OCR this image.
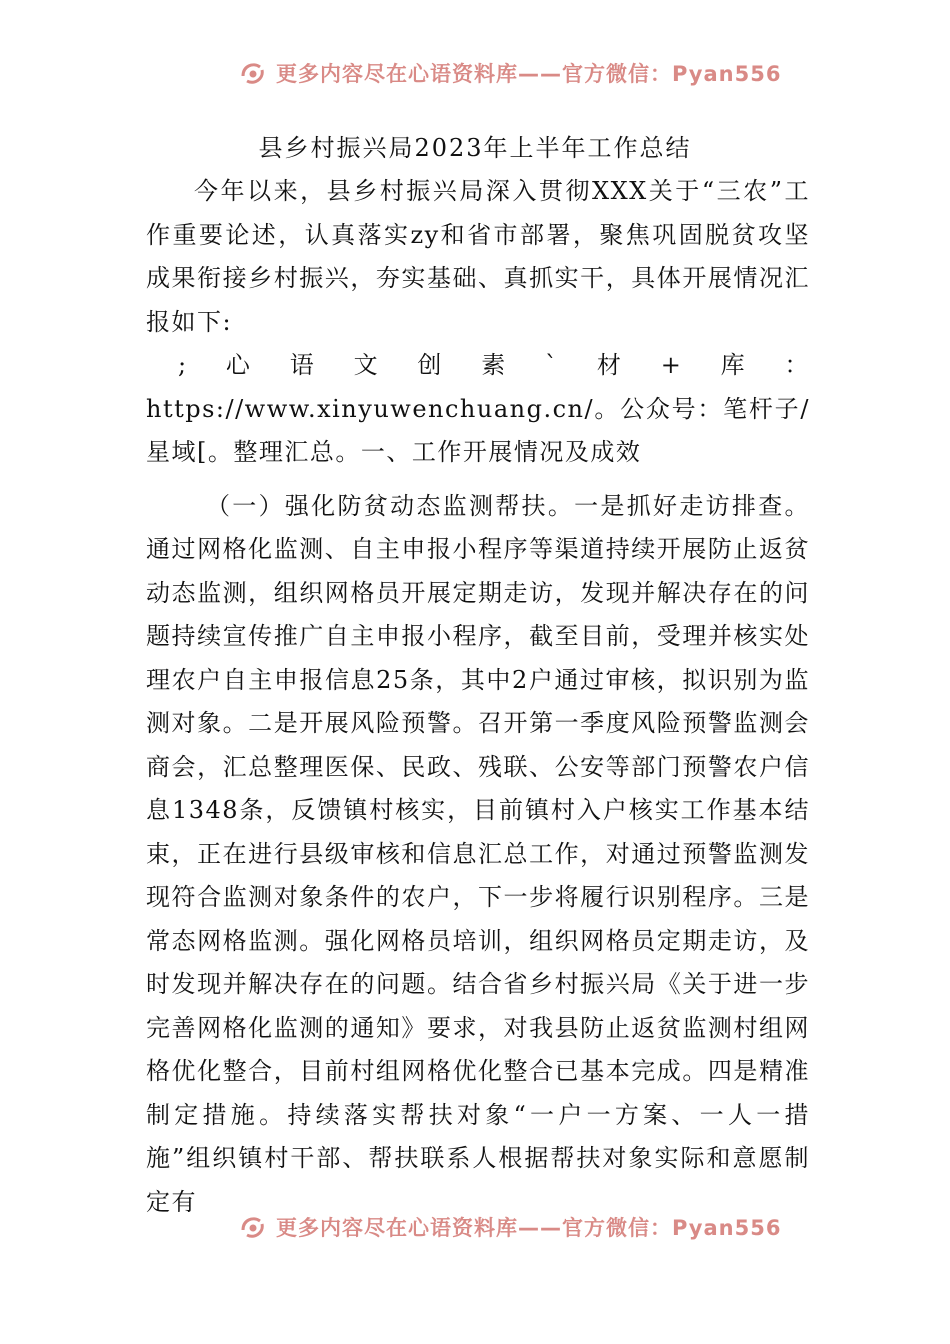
更多内容尽在心语资料库——官方微信：Pyan556
县乡村振兴局2023年上半年工作总结

今年以来，县乡村振兴局深入贯彻XXX关于“三农”工作重要论述，认真落实zy和省市部署，聚焦巩固脱贫攻坚成果衔接乡村振兴，夯实基础、真抓实干，具体开展情况汇报如下:

;心语文创素`材+库：https://www.xinyuwenchuang.cn/。公众号：笔杆子/星域[。整理汇总。一、工作开展情况及成效

（一）强化防贫动态监测帮扶。一是抓好走访排查。通过网格化监测、自主申报小程序等渠道持续开展防止返贫动态监测，组织网格员开展定期走访，发现并解决存在的问题持续宣传推广自主申报小程序，截至目前，受理并核实处理农户自主申报信息25条，其中2户通过审核，拟识别为监测对象。二是开展风险预警。召开第一季度风险预警监测会商会，汇总整理医保、民政、残联、公安等部门预警农户信息1348条，反馈镇村核实，目前镇村入户核实工作基本结束，正在进行县级审核和信息汇总工作，对通过预警监测发现符合监测对象条件的农户，下一步将履行识别程序。三是常态网格监测。强化网格员培训，组织网格员定期走访，及时发现并解决存在的问题。结合省乡村振兴局《关于进一步完善网格化监测的通知》要求，对我县防止返贫监测村组网格优化整合，目前村组网格优化整合已基本完成。四是精准制定措施。持续落实帮扶对象“一户一方案、一人一措施”组织镇村干部、帮扶联系人根据帮扶对象实际和意愿制定有

更多内容尽在心语资料库——官方微信：Pyan556
